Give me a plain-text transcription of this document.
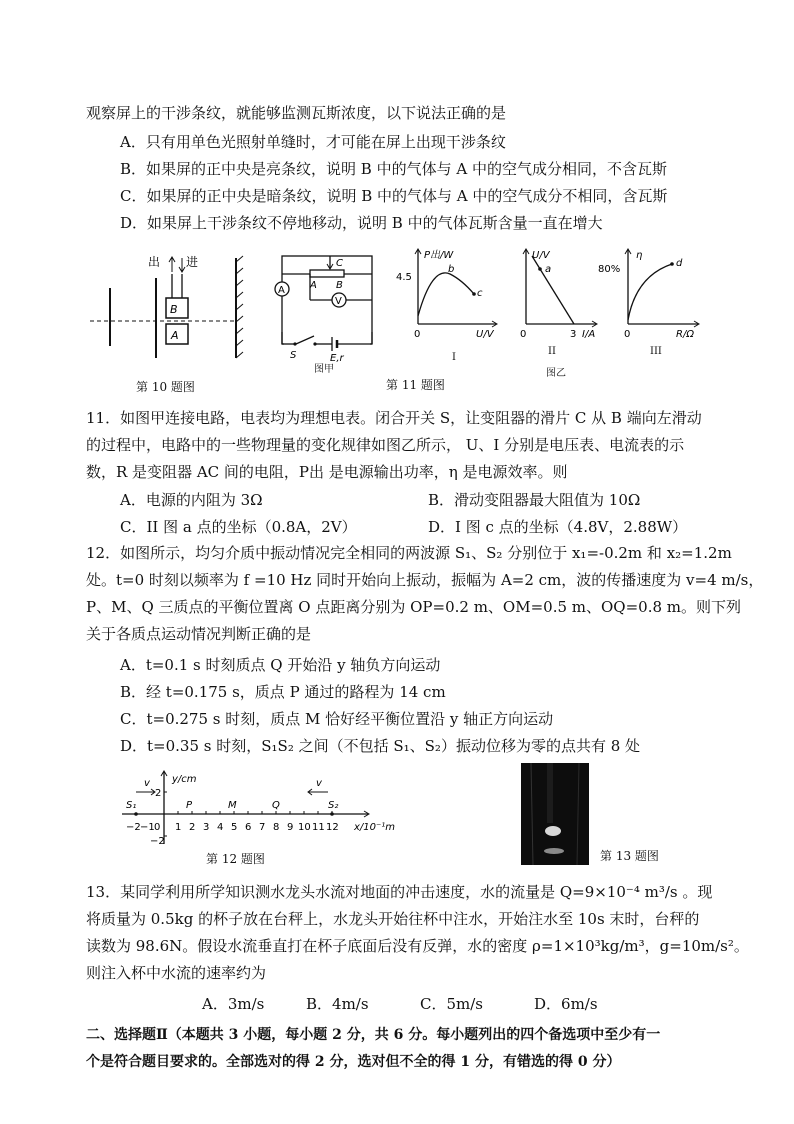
观察屏上的干涉条纹，就能够监测瓦斯浓度，以下说法正确的是
A．只有用单色光照射单缝时，才可能在屏上出现干涉条纹
B．如果屏的正中央是亮条纹，说明 B 中的气体与 A 中的空气成分相同，不含瓦斯
C．如果屏的正中央是暗条纹，说明 B 中的气体与 A 中的空气成分不相同，含瓦斯
D．如果屏上干涉条纹不停地移动，说明 B 中的气体瓦斯含量一直在增大
B
A
出 进
第 10 题图
C
A B
A
V
S	E,r
图甲
P出/W
4.5
b
c
0	U/V
I
U/V
a
0	3 I/A
II
图乙
η
80%
d
0	R/Ω
III
第 11 题图
11．如图甲连接电路，电表均为理想电表。闭合开关 S，让变阻器的滑片 C 从 B 端向左滑动
的过程中，电路中的一些物理量的变化规律如图乙所示， U、I 分别是电压表、电流表的示
数，R 是变阻器 AC 间的电阻，P出 是电源输出功率，η 是电源效率。则
A．电源的内阻为 3Ω	B．滑动变阻器最大阻值为 10Ω
C．II 图 a 点的坐标（0.8A，2V）	D．I 图 c 点的坐标（4.8V，2.88W）
12．如图所示，均匀介质中振动情况完全相同的两波源 S₁、S₂ 分别位于 x₁=-0.2m 和 x₂=1.2m
处。t=0 时刻以频率为 f =10 Hz 同时开始向上振动，振幅为 A=2 cm，波的传播速度为 v=4 m/s，
P、M、Q 三质点的平衡位置离 O 点距离分别为 OP=0.2 m、OM=0.5 m、OQ=0.8 m。则下列
关于各质点运动情况判断正确的是
A．t=0.1 s 时刻质点 Q 开始沿 y 轴负方向运动
B．经 t=0.175 s，质点 P 通过的路程为 14 cm
C．t=0.275 s 时刻，质点 M 恰好经平衡位置沿 y 轴正方向运动
D．t=0.35 s 时刻，S₁S₂ 之间（不包括 S₁、S₂）振动位移为零的点共有 8 处
y/cm
2
−2
−2 −1 0 1 2 3 4 5 6 7 8 9 10 11 12
S₁	S₂
P	M	Q
v	v
x/10⁻¹m
第 12 题图	第 13 题图
13．某同学利用所学知识测水龙头水流对地面的冲击速度，水的流量是 Q=9×10⁻⁴ m³/s 。现
将质量为 0.5kg 的杯子放在台秤上，水龙头开始往杯中注水，开始注水至 10s 末时，台秤的
读数为 98.6N。假设水流垂直打在杯子底面后没有反弹，水的密度 ρ=1×10³kg/m³，g=10m/s²。
则注入杯中水流的速率约为
A．3m/s	B．4m/s	C．5m/s	D．6m/s
二、选择题Ⅱ（本题共 3 小题，每小题 2 分，共 6 分。每小题列出的四个备选项中至少有一
个是符合题目要求的。全部选对的得 2 分，选对但不全的得 1 分，有错选的得 0 分）
